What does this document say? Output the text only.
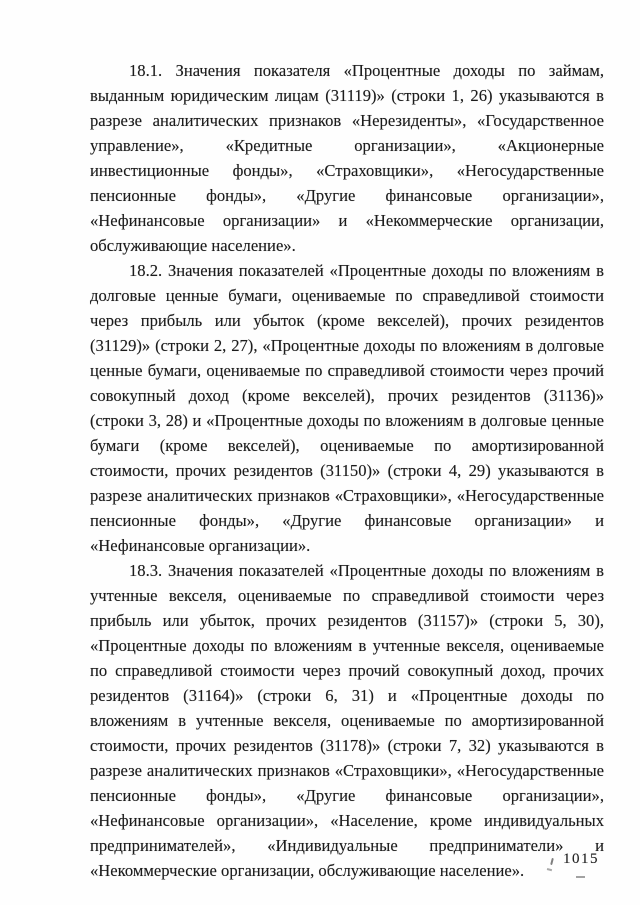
18.1. Значения показателя «Процентные доходы по займам, выданным юридическим лицам (31119)» (строки 1, 26) указываются в разрезе аналитических признаков «Нерезиденты», «Государственное управление», «Кредитные организации», «Акционерные инвестиционные фонды», «Страховщики», «Негосударственные пенсионные фонды», «Другие финансовые организации», «Нефинансовые организации» и «Некоммерческие организации, обслуживающие население».

18.2. Значения показателей «Процентные доходы по вложениям в долговые ценные бумаги, оцениваемые по справедливой стоимости через прибыль или убыток (кроме векселей), прочих резидентов (31129)» (строки 2, 27), «Процентные доходы по вложениям в долговые ценные бумаги, оцениваемые по справедливой стоимости через прочий совокупный доход (кроме векселей), прочих резидентов (31136)» (строки 3, 28) и «Процентные доходы по вложениям в долговые ценные бумаги (кроме векселей), оцениваемые по амортизированной стоимости, прочих резидентов (31150)» (строки 4, 29) указываются в разрезе аналитических признаков «Страховщики», «Негосударственные пенсионные фонды», «Другие финансовые организации» и «Нефинансовые организации».

18.3. Значения показателей «Процентные доходы по вложениям в учтенные векселя, оцениваемые по справедливой стоимости через прибыль или убыток, прочих резидентов (31157)» (строки 5, 30), «Процентные доходы по вложениям в учтенные векселя, оцениваемые по справедливой стоимости через прочий совокупный доход, прочих резидентов (31164)» (строки 6, 31) и «Процентные доходы по вложениям в учтенные векселя, оцениваемые по амортизированной стоимости, прочих резидентов (31178)» (строки 7, 32) указываются в разрезе аналитических признаков «Страховщики», «Негосударственные пенсионные фонды», «Другие финансовые организации», «Нефинансовые организации», «Население, кроме индивидуальных предпринимателей», «Индивидуальные предприниматели» и «Некоммерческие организации, обслуживающие население».

1015
